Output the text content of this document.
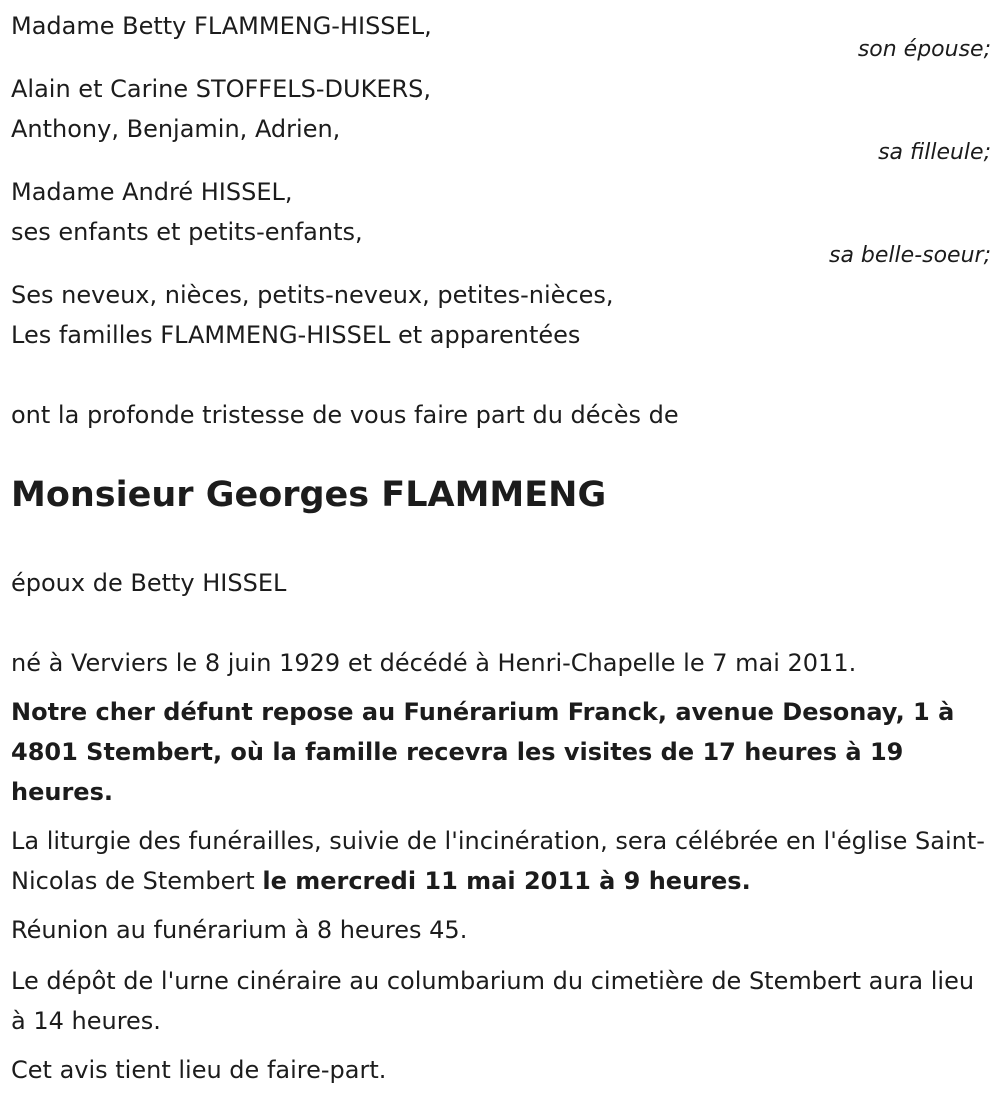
Madame Betty FLAMMENG-HISSEL,
son épouse;
Alain et Carine STOFFELS-DUKERS,
Anthony, Benjamin, Adrien,
sa filleule;
Madame André HISSEL,
ses enfants et petits-enfants,
sa belle-soeur;
Ses neveux, nièces, petits-neveux, petites-nièces,
Les familles FLAMMENG-HISSEL et apparentées
ont la profonde tristesse de vous faire part du décès de
Monsieur Georges FLAMMENG
époux de Betty HISSEL
né à Verviers le 8 juin 1929 et décédé à Henri-Chapelle le 7 mai 2011.
Notre cher défunt repose au Funérarium Franck, avenue Desonay, 1 à 4801 Stembert, où la famille recevra les visites de 17 heures à 19 heures.
La liturgie des funérailles, suivie de l'incinération, sera célébrée en l'église Saint-Nicolas de Stembert le mercredi 11 mai 2011 à 9 heures.
Réunion au funérarium à 8 heures 45.
Le dépôt de l'urne cinéraire au columbarium du cimetière de Stembert aura lieu à 14 heures.
Cet avis tient lieu de faire-part.
